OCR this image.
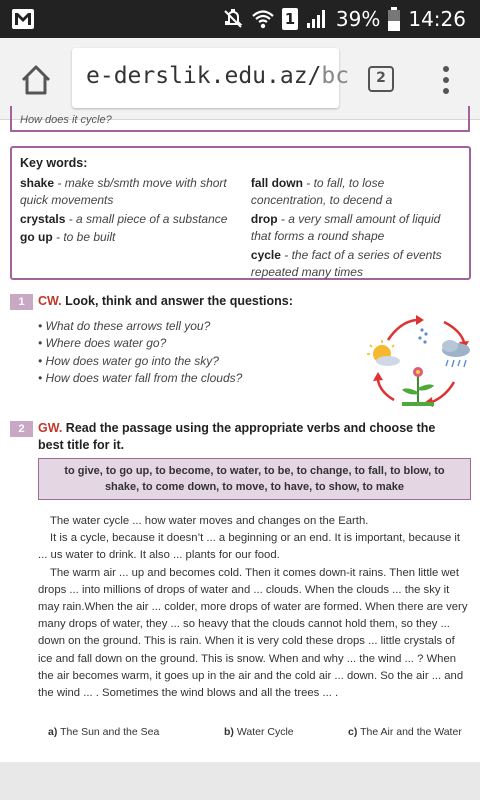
1 39% 14:26
e-derslik.edu.az/bc	2
How does it cycle?
Key words:
shake - make sb/smth move with short quick movements
crystals - a small piece of a substance
go up - to be built
fall down - to fall, to lose concentration, to decend a
drop - a very small amount of liquid that forms a round shape
cycle - the fact of a series of events repeated many times
1	CW. Look, think and answer the questions:
• What do these arrows tell you?
• Where does water go?
• How does water go into the sky?
• How does water fall from the clouds?
2	GW. Read the passage using the appropriate verbs and choose the best title for it.
to give, to go up, to become, to water, to be, to change, to fall, to blow, to shake, to come down, to move, to have, to show, to make

The water cycle ... how water moves and changes on the Earth.

It is a cycle, because it doesn’t ... a beginning or an end. It is important, because it ... us water to drink. It also ... plants for our food.

The warm air ... up and becomes cold. Then it comes down-it rains. Then little wet drops ... into millions of drops of water and ... clouds. When the clouds ... the sky it may rain.When the air ... colder, more drops of water are formed. When there are very many drops of water, they ... so heavy that the clouds cannot hold them, so they ... down on the ground. This is rain. When it is very cold these drops ... little crystals of ice and fall down on the ground. This is snow. When and why ... the wind ... ? When the air becomes warm, it goes up in the air and the cold air ... down. So the air ... and the wind ... . Sometimes the wind blows and all the trees ... .

a) The Sun and the Sea	b) Water Cycle	c) The Air and the Water
